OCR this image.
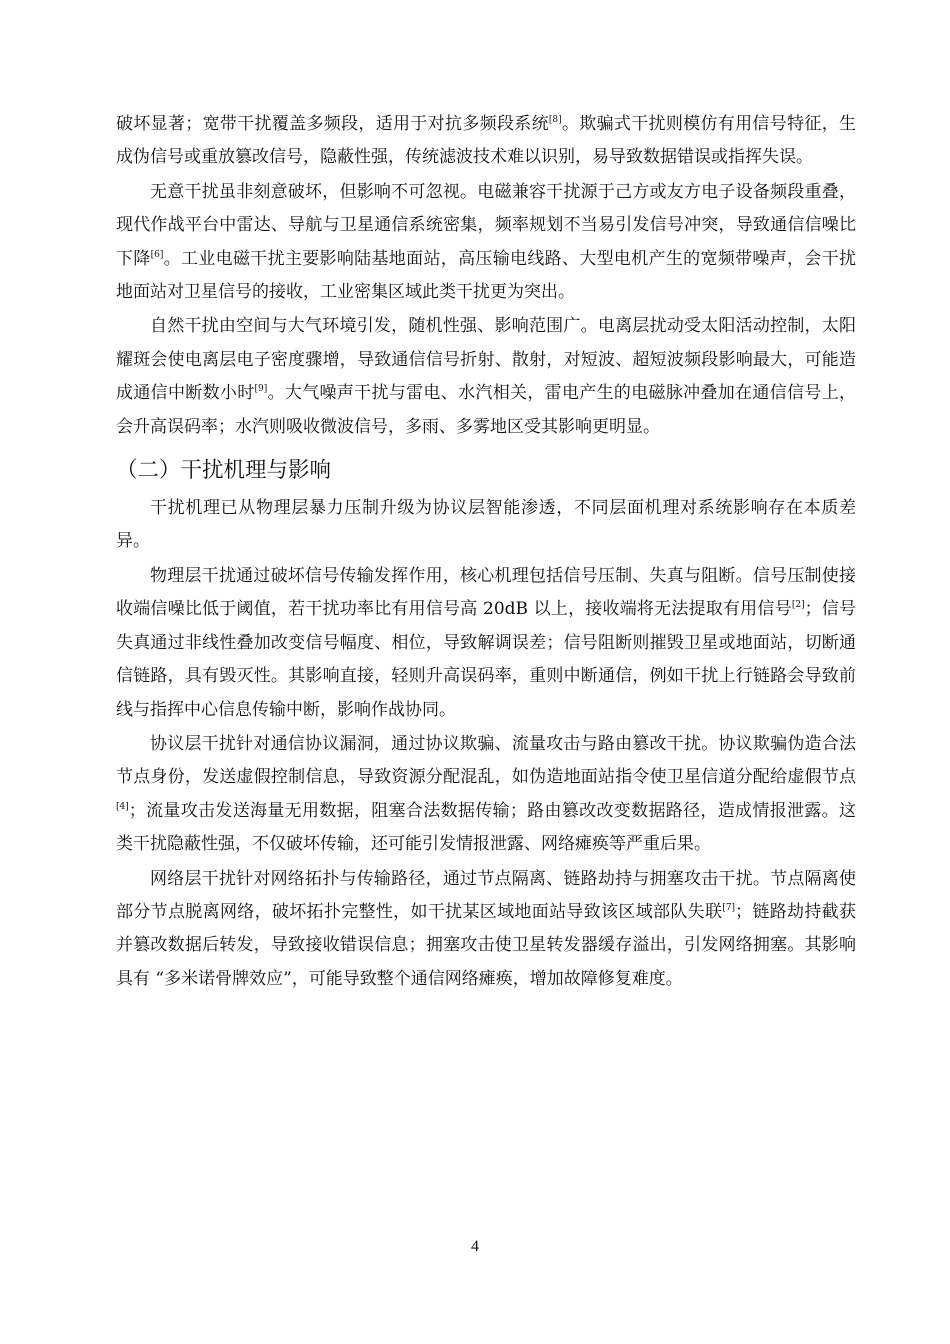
破坏显著；宽带干扰覆盖多频段，适用于对抗多频段系统[8]。欺骗式干扰则模仿有用信号特征，生成伪信号或重放篡改信号，隐蔽性强，传统滤波技术难以识别，易导致数据错误或指挥失误。

无意干扰虽非刻意破坏，但影响不可忽视。电磁兼容干扰源于己方或友方电子设备频段重叠，现代作战平台中雷达、导航与卫星通信系统密集，频率规划不当易引发信号冲突，导致通信信噪比下降[6]。工业电磁干扰主要影响陆基地面站，高压输电线路、大型电机产生的宽频带噪声，会干扰地面站对卫星信号的接收，工业密集区域此类干扰更为突出。

自然干扰由空间与大气环境引发，随机性强、影响范围广。电离层扰动受太阳活动控制，太阳耀斑会使电离层电子密度骤增，导致通信信号折射、散射，对短波、超短波频段影响最大，可能造成通信中断数小时[9]。大气噪声干扰与雷电、水汽相关，雷电产生的电磁脉冲叠加在通信信号上，会升高误码率；水汽则吸收微波信号，多雨、多雾地区受其影响更明显。

（二）干扰机理与影响

干扰机理已从物理层暴力压制升级为协议层智能渗透，不同层面机理对系统影响存在本质差异。

物理层干扰通过破坏信号传输发挥作用，核心机理包括信号压制、失真与阻断。信号压制使接收端信噪比低于阈值，若干扰功率比有用信号高 20dB 以上，接收端将无法提取有用信号[2]；信号失真通过非线性叠加改变信号幅度、相位，导致解调误差；信号阻断则摧毁卫星或地面站，切断通信链路，具有毁灭性。其影响直接，轻则升高误码率，重则中断通信，例如干扰上行链路会导致前线与指挥中心信息传输中断，影响作战协同。

协议层干扰针对通信协议漏洞，通过协议欺骗、流量攻击与路由篡改干扰。协议欺骗伪造合法节点身份，发送虚假控制信息，导致资源分配混乱，如伪造地面站指令使卫星信道分配给虚假节点[4]；流量攻击发送海量无用数据，阻塞合法数据传输；路由篡改改变数据路径，造成情报泄露。这类干扰隐蔽性强，不仅破坏传输，还可能引发情报泄露、网络瘫痪等严重后果。

网络层干扰针对网络拓扑与传输路径，通过节点隔离、链路劫持与拥塞攻击干扰。节点隔离使部分节点脱离网络，破坏拓扑完整性，如干扰某区域地面站导致该区域部队失联[7]；链路劫持截获并篡改数据后转发，导致接收错误信息；拥塞攻击使卫星转发器缓存溢出，引发网络拥塞。其影响具有 “多米诺骨牌效应”，可能导致整个通信网络瘫痪，增加故障修复难度。

4
